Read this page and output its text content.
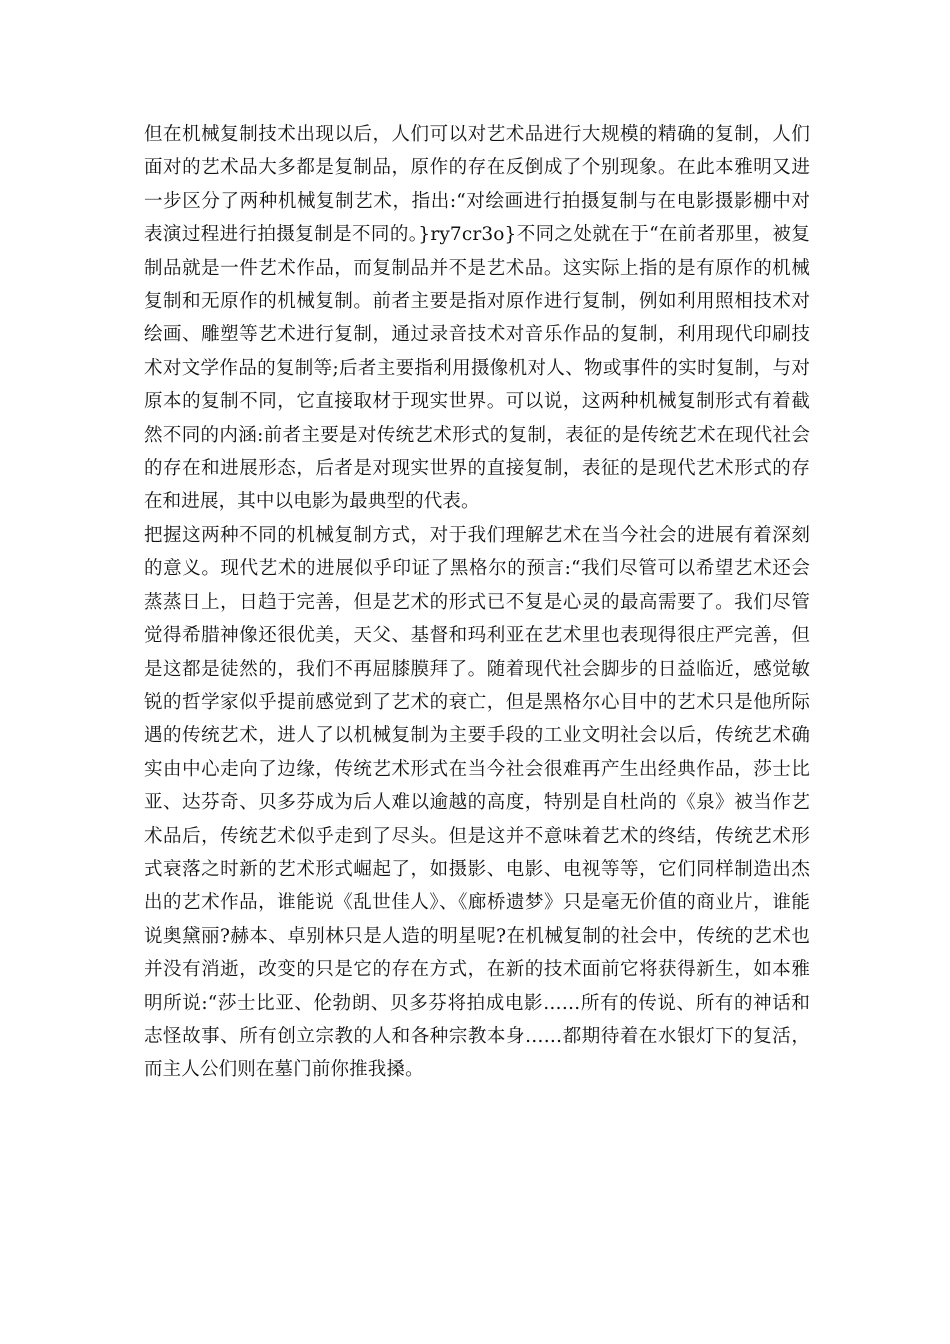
但在机械复制技术出现以后，人们可以对艺术品进行大规模的精确的复制，人们面对的艺术品大多都是复制品，原作的存在反倒成了个别现象。在此本雅明又进一步区分了两种机械复制艺术，指出:“对绘画进行拍摄复制与在电影摄影棚中对表演过程进行拍摄复制是不同的。}ry7cr3o}不同之处就在于“在前者那里，被复制品就是一件艺术作品，而复制品并不是艺术品。这实际上指的是有原作的机械复制和无原作的机械复制。前者主要是指对原作进行复制，例如利用照相技术对绘画、雕塑等艺术进行复制，通过录音技术对音乐作品的复制，利用现代印刷技术对文学作品的复制等;后者主要指利用摄像机对人、物或事件的实时复制，与对原本的复制不同，它直接取材于现实世界。可以说，这两种机械复制形式有着截然不同的内涵:前者主要是对传统艺术形式的复制，表征的是传统艺术在现代社会的存在和进展形态，后者是对现实世界的直接复制，表征的是现代艺术形式的存在和进展，其中以电影为最典型的代表。

把握这两种不同的机械复制方式，对于我们理解艺术在当今社会的进展有着深刻的意义。现代艺术的进展似乎印证了黑格尔的预言:“我们尽管可以希望艺术还会蒸蒸日上，日趋于完善，但是艺术的形式已不复是心灵的最高需要了。我们尽管觉得希腊神像还很优美，天父、基督和玛利亚在艺术里也表现得很庄严完善，但是这都是徒然的，我们不再屈膝膜拜了。随着现代社会脚步的日益临近，感觉敏锐的哲学家似乎提前感觉到了艺术的衰亡，但是黑格尔心目中的艺术只是他所际遇的传统艺术，进人了以机械复制为主要手段的工业文明社会以后，传统艺术确实由中心走向了边缘，传统艺术形式在当今社会很难再产生出经典作品，莎士比亚、达芬奇、贝多芬成为后人难以逾越的高度，特别是自杜尚的《泉》被当作艺术品后，传统艺术似乎走到了尽头。但是这并不意味着艺术的终结，传统艺术形式衰落之时新的艺术形式崛起了，如摄影、电影、电视等等，它们同样制造出杰出的艺术作品，谁能说《乱世佳人》、《廊桥遗梦》只是毫无价值的商业片，谁能说奥黛丽?赫本、卓别林只是人造的明星呢?在机械复制的社会中，传统的艺术也并没有消逝，改变的只是它的存在方式，在新的技术面前它将获得新生，如本雅明所说:“莎士比亚、伦勃朗、贝多芬将拍成电影……所有的传说、所有的神话和志怪故事、所有创立宗教的人和各种宗教本身……都期待着在水银灯下的复活，而主人公们则在墓门前你推我搡。
